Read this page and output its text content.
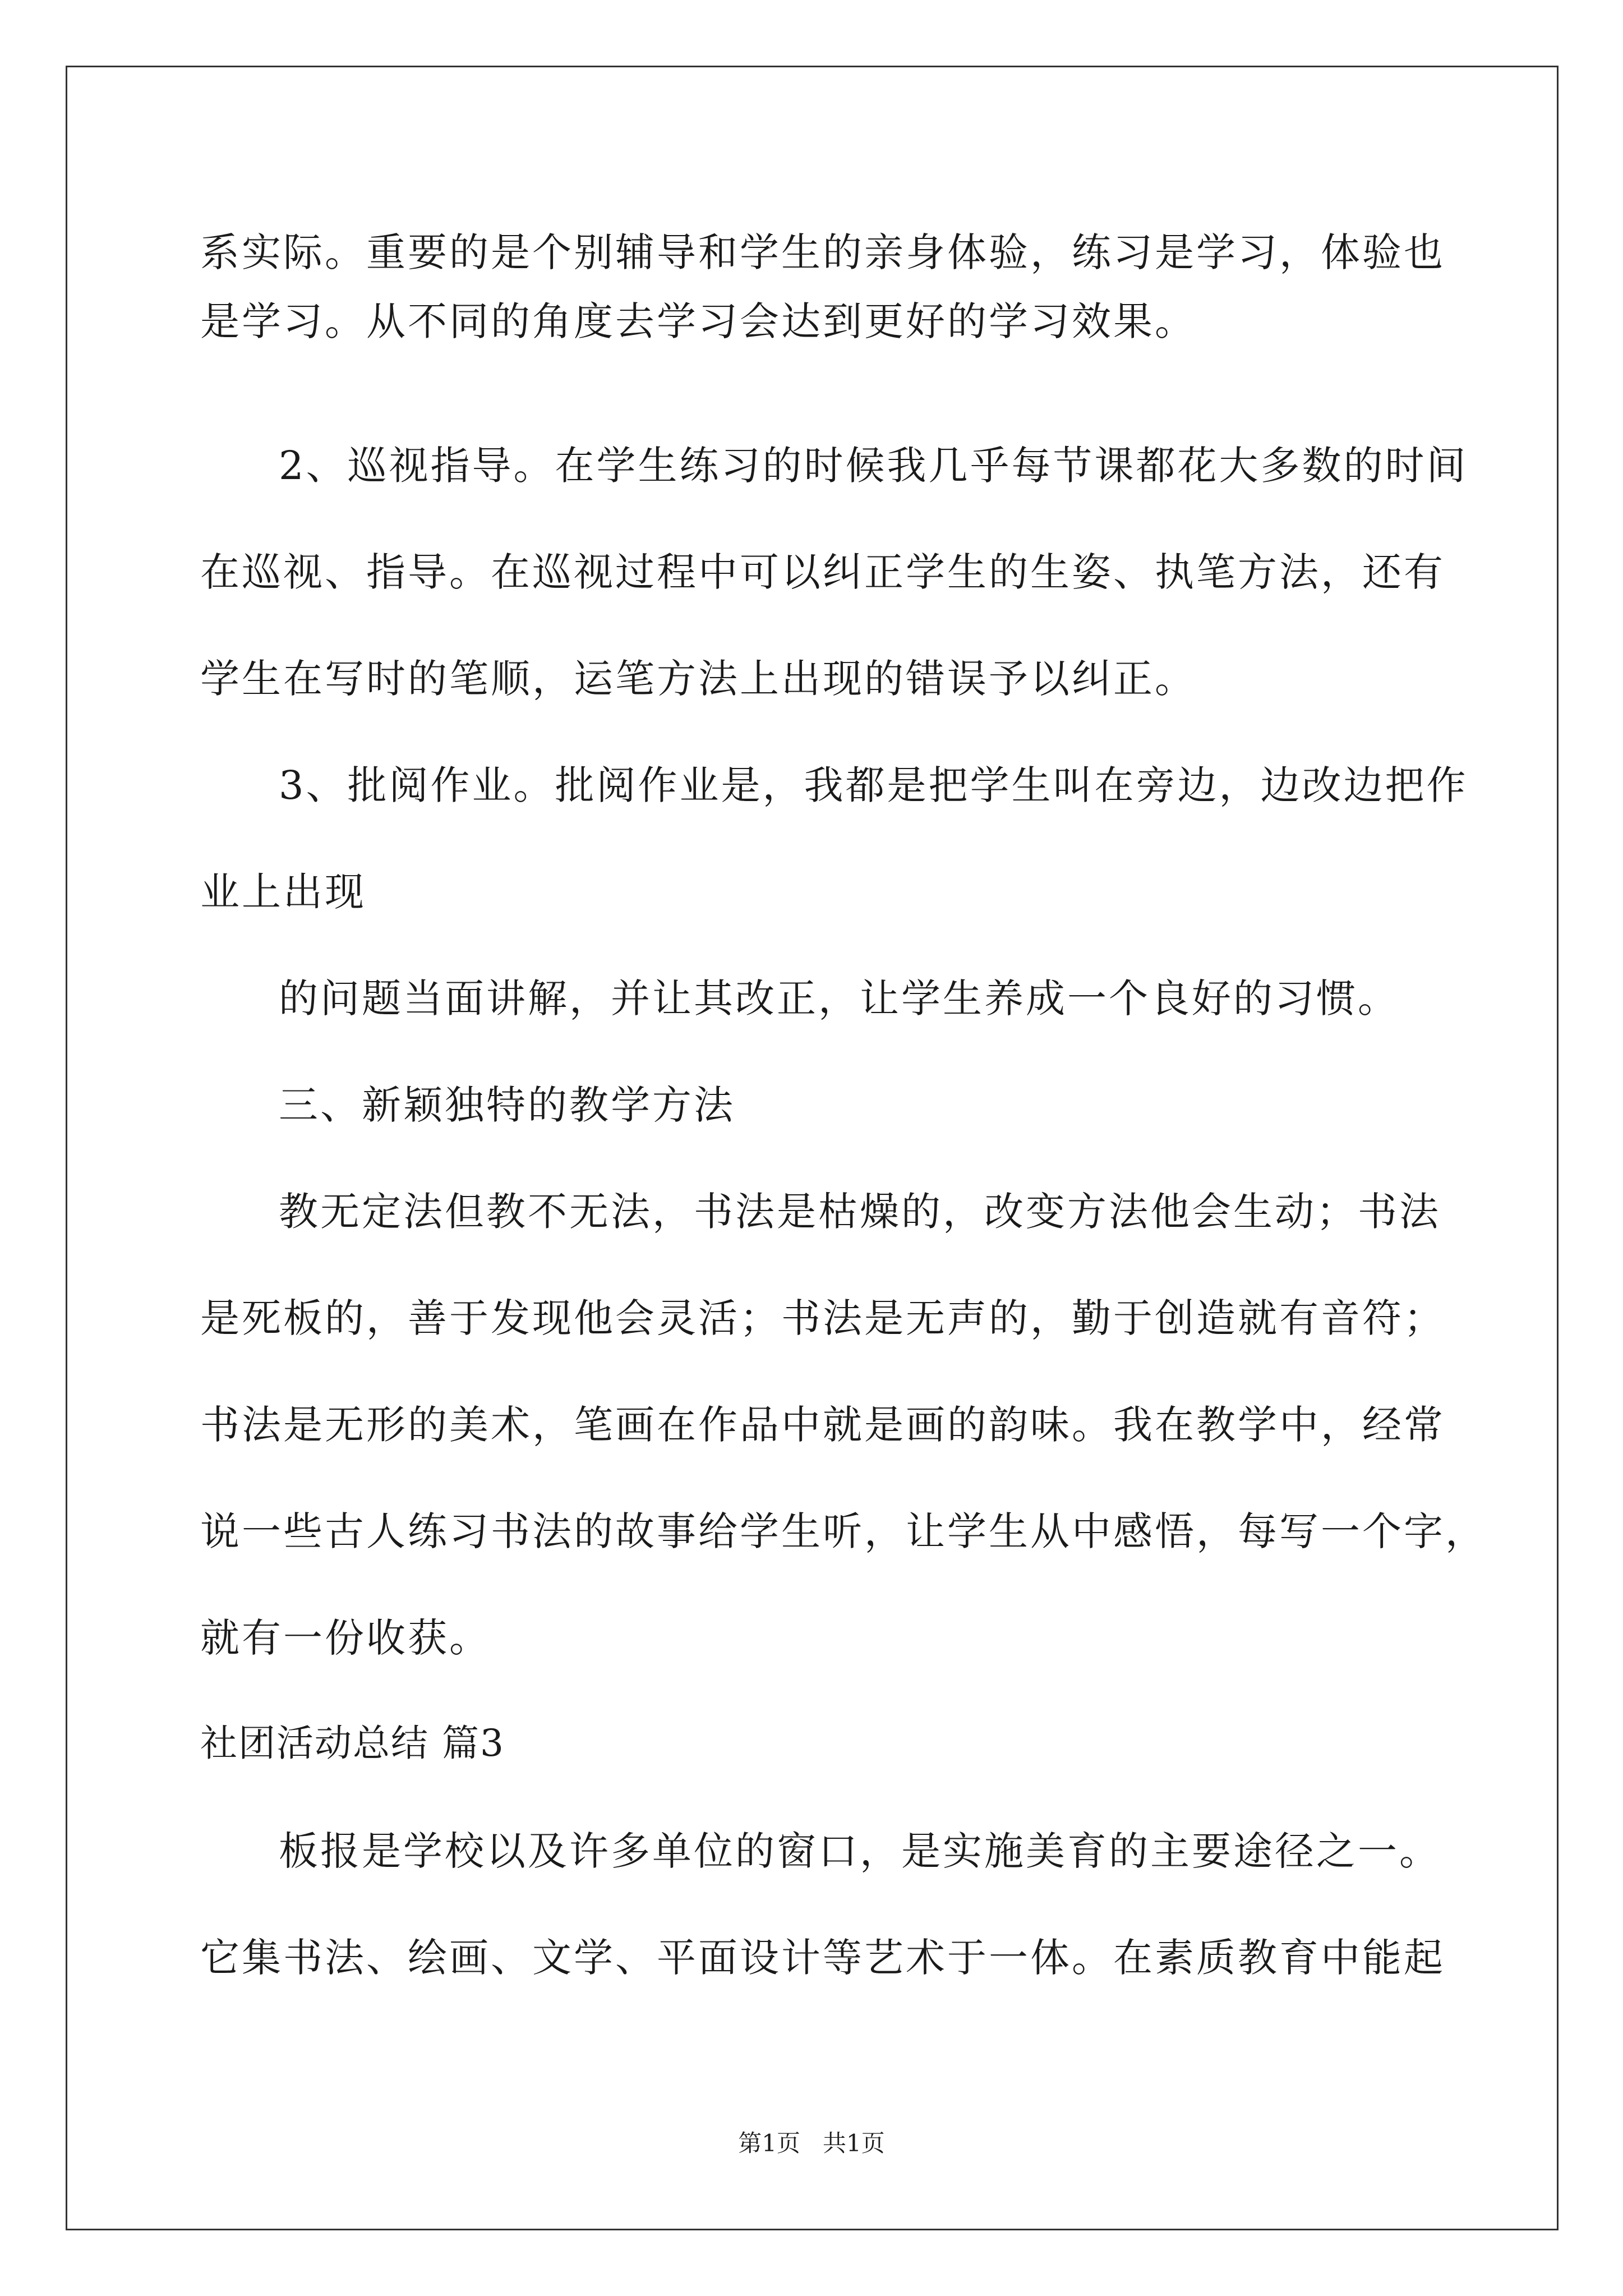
系实际。重要的是个别辅导和学生的亲身体验，练习是学习，体验也
是学习。从不同的角度去学习会达到更好的学习效果。
2、巡视指导。在学生练习的时候我几乎每节课都花大多数的时间
在巡视、指导。在巡视过程中可以纠正学生的生姿、执笔方法，还有
学生在写时的笔顺，运笔方法上出现的错误予以纠正。
3、批阅作业。批阅作业是，我都是把学生叫在旁边，边改边把作
业上出现
的问题当面讲解，并让其改正，让学生养成一个良好的习惯。
三、新颖独特的教学方法
教无定法但教不无法，书法是枯燥的，改变方法他会生动；书法
是死板的，善于发现他会灵活；书法是无声的，勤于创造就有音符；
书法是无形的美术，笔画在作品中就是画的韵味。我在教学中，经常
说一些古人练习书法的故事给学生听，让学生从中感悟，每写一个字，
就有一份收获。
社团活动总结 篇3
板报是学校以及许多单位的窗口，是实施美育的主要途径之一。
它集书法、绘画、文学、平面设计等艺术于一体。在素质教育中能起
第1页   共1页
